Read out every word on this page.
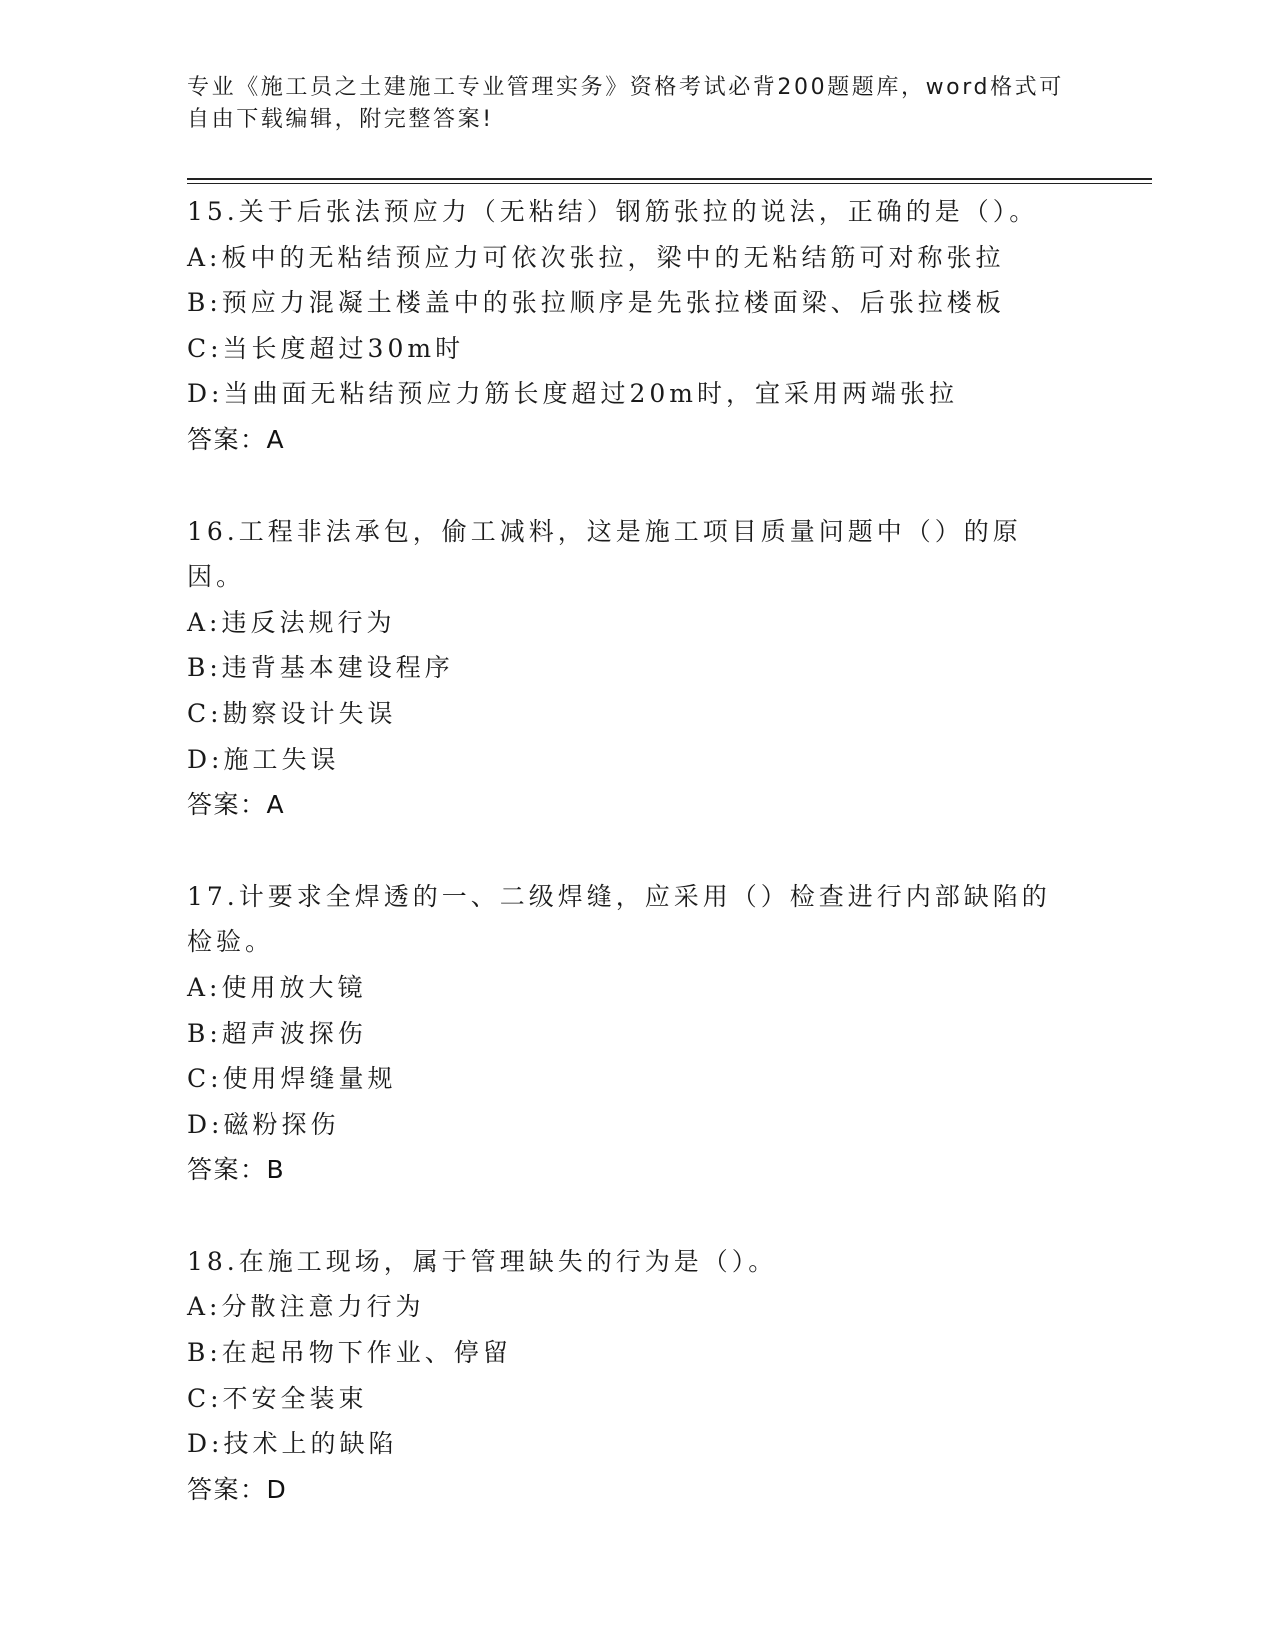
专业《施工员之土建施工专业管理实务》资格考试必背200题题库，word格式可自由下载编辑，附完整答案!
15.关于后张法预应力（无粘结）钢筋张拉的说法，正确的是（）。
A:板中的无粘结预应力可依次张拉，梁中的无粘结筋可对称张拉
B:预应力混凝土楼盖中的张拉顺序是先张拉楼面梁、后张拉楼板
C:当长度超过30m时
D:当曲面无粘结预应力筋长度超过20m时，宜采用两端张拉
答案：A
16.工程非法承包，偷工减料，这是施工项目质量问题中（）的原因。
A:违反法规行为
B:违背基本建设程序
C:勘察设计失误
D:施工失误
答案：A
17.计要求全焊透的一、二级焊缝，应采用（）检查进行内部缺陷的检验。
A:使用放大镜
B:超声波探伤
C:使用焊缝量规
D:磁粉探伤
答案：B
18.在施工现场，属于管理缺失的行为是（）。
A:分散注意力行为
B:在起吊物下作业、停留
C:不安全装束
D:技术上的缺陷
答案：D
